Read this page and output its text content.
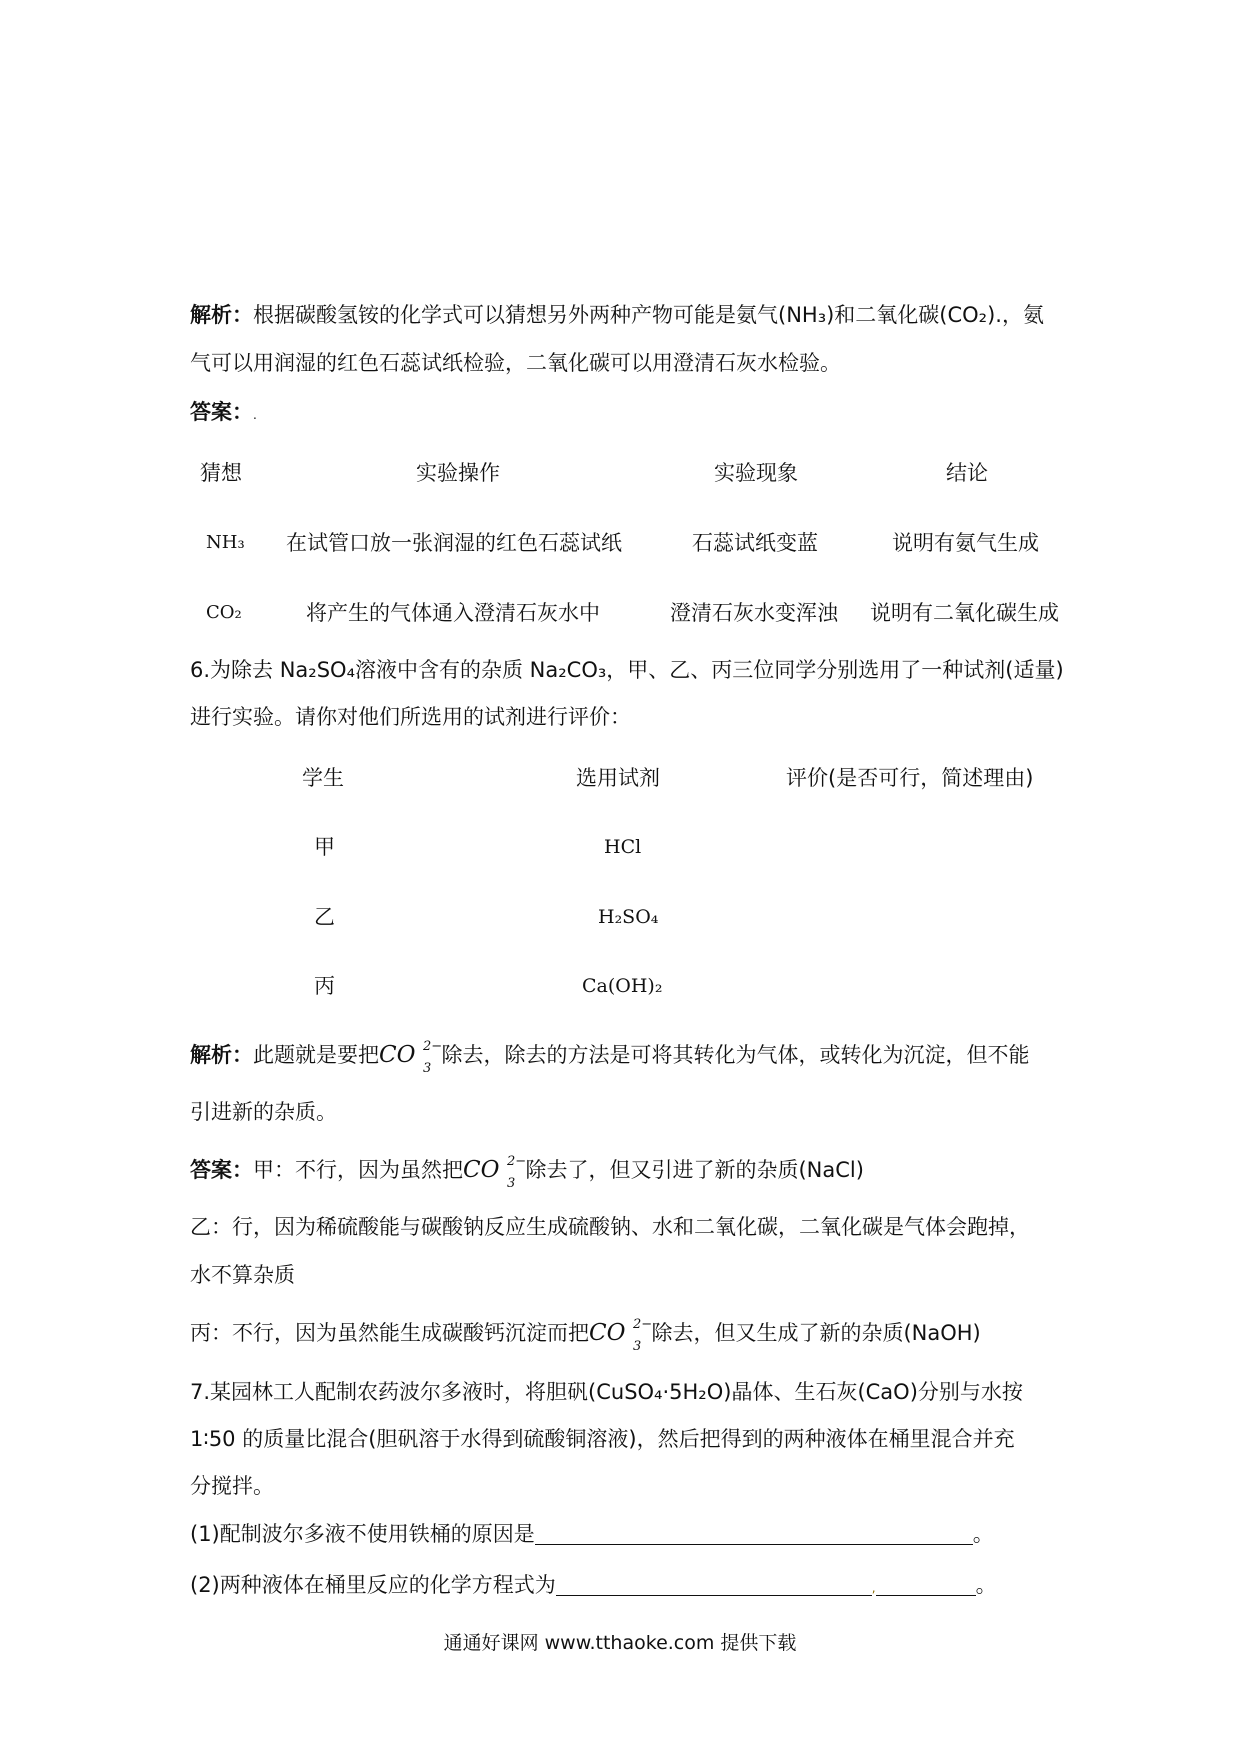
解析：根据碳酸氢铵的化学式可以猜想另外两种产物可能是氨气(NH₃)和二氧化碳(CO₂).，氨
气可以用润湿的红色石蕊试纸检验，二氧化碳可以用澄清石灰水检验。
答案：.
猜想	实验操作	实验现象	结论
NH₃ 在试管口放一张润湿的红色石蕊试纸	石蕊试纸变蓝	说明有氨气生成
CO₂	将产生的气体通入澄清石灰水中	澄清石灰水变浑浊 说明有二氧化碳生成
6.为除去 Na₂SO₄溶液中含有的杂质 Na₂CO₃，甲、乙、丙三位同学分别选用了一种试剂(适量)
进行实验。请你对他们所选用的试剂进行评价：
学生	选用试剂	评价(是否可行，简述理由)
甲	HCl
乙	H₂SO₄
丙	Ca(OH)₂
解析：此题就是要把CO 2−
3
除去，除去的方法是可将其转化为气体，或转化为沉淀，但不能
引进新的杂质。
答案：甲：不行，因为虽然把CO 2−
3
除去了，但又引进了新的杂质(NaCl)
乙：行，因为稀硫酸能与碳酸钠反应生成硫酸钠、水和二氧化碳，二氧化碳是气体会跑掉，
水不算杂质
丙：不行，因为虽然能生成碳酸钙沉淀而把CO 2−
3
除去，但又生成了新的杂质(NaOH)
7.某园林工人配制农药波尔多液时，将胆矾(CuSO₄·5H₂O)晶体、生石灰(CaO)分别与水按
1∶50 的质量比混合(胆矾溶于水得到硫酸铜溶液)，然后把得到的两种液体在桶里混合并充
分搅拌。
(1)配制波尔多液不使用铁桶的原因是	。
(2)两种液体在桶里反应的化学方程式为	,	。
通通好课网 www.tthaoke.com 提供下载
